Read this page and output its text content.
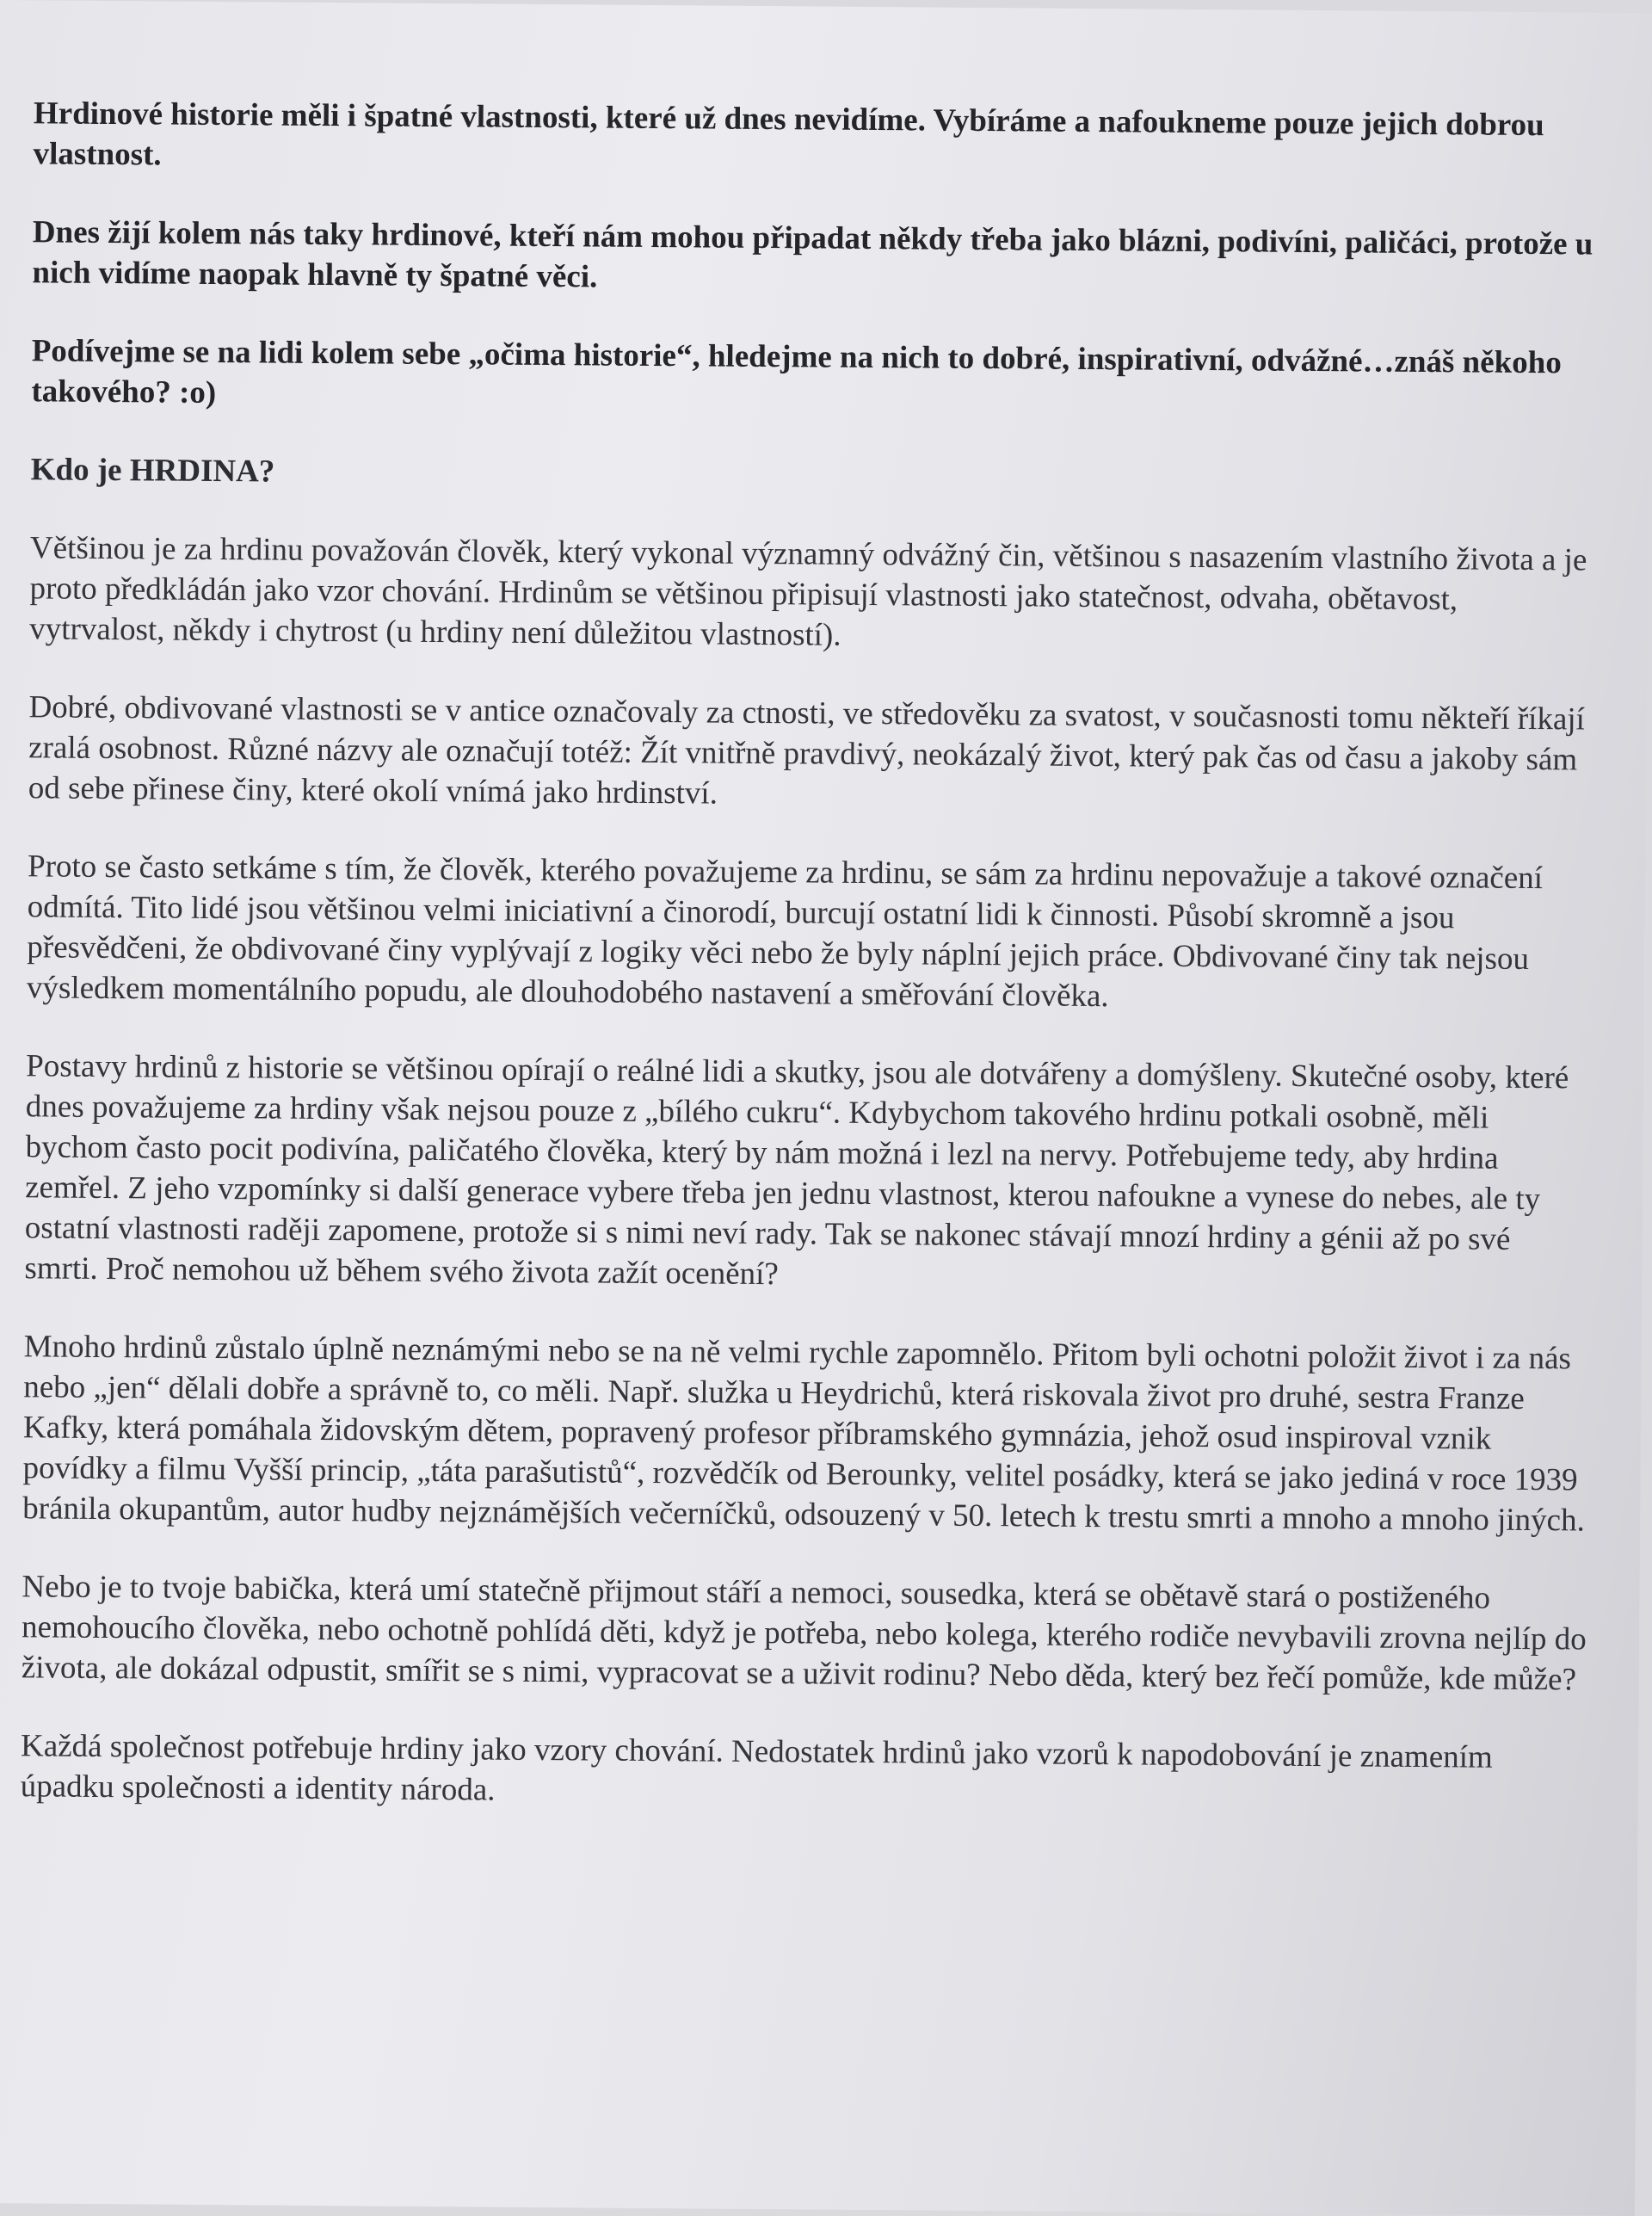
Hrdinové historie měli i špatné vlastnosti, které už dnes nevidíme. Vybíráme a nafoukneme pouze jejich dobrou vlastnost.

Dnes žijí kolem nás taky hrdinové, kteří nám mohou připadat někdy třeba jako blázni, podivíni, paličáci, protože u nich vidíme naopak hlavně ty špatné věci.

Podívejme se na lidi kolem sebe „očima historie“, hledejme na nich to dobré, inspirativní, odvážné…znáš někoho takového? :o)

Kdo je HRDINA?

Většinou je za hrdinu považován člověk, který vykonal významný odvážný čin, většinou s nasazením vlastního života a je proto předkládán jako vzor chování. Hrdinům se většinou připisují vlastnosti jako statečnost, odvaha, obětavost, vytrvalost, někdy i chytrost (u hrdiny není důležitou vlastností).

Dobré, obdivované vlastnosti se v antice označovaly za ctnosti, ve středověku za svatost, v současnosti tomu někteří říkají zralá osobnost. Různé názvy ale označují totéž: Žít vnitřně pravdivý, neokázalý život, který pak čas od času a jakoby sám od sebe přinese činy, které okolí vnímá jako hrdinství.

Proto se často setkáme s tím, že člověk, kterého považujeme za hrdinu, se sám za hrdinu nepovažuje a takové označení odmítá. Tito lidé jsou většinou velmi iniciativní a činorodí, burcují ostatní lidi k činnosti. Působí skromně a jsou přesvědčeni, že obdivované činy vyplývají z logiky věci nebo že byly náplní jejich práce. Obdivované činy tak nejsou výsledkem momentálního popudu, ale dlouhodobého nastavení a směřování člověka.

Postavy hrdinů z historie se většinou opírají o reálné lidi a skutky, jsou ale dotvářeny a domýšleny. Skutečné osoby, které dnes považujeme za hrdiny však nejsou pouze z „bílého cukru“. Kdybychom takového hrdinu potkali osobně, měli bychom často pocit podivína, paličatého člověka, který by nám možná i lezl na nervy. Potřebujeme tedy, aby hrdina zemřel. Z jeho vzpomínky si další generace vybere třeba jen jednu vlastnost, kterou nafoukne a vynese do nebes, ale ty ostatní vlastnosti raději zapomene, protože si s nimi neví rady. Tak se nakonec stávají mnozí hrdiny a génii až po své smrti. Proč nemohou už během svého života zažít ocenění?

Mnoho hrdinů zůstalo úplně neznámými nebo se na ně velmi rychle zapomnělo. Přitom byli ochotni položit život i za nás nebo „jen“ dělali dobře a správně to, co měli. Např. služka u Heydrichů, která riskovala život pro druhé, sestra Franze Kafky, která pomáhala židovským dětem, popravený profesor příbramského gymnázia, jehož osud inspiroval vznik povídky a filmu Vyšší princip, „táta parašutistů“, rozvědčík od Berounky, velitel posádky, která se jako jediná v roce 1939 bránila okupantům, autor hudby nejznámějších večerníčků, odsouzený v 50. letech k trestu smrti a mnoho a mnoho jiných.

Nebo je to tvoje babička, která umí statečně přijmout stáří a nemoci, sousedka, která se obětavě stará o postiženého nemohoucího člověka, nebo ochotně pohlídá děti, když je potřeba, nebo kolega, kterého rodiče nevybavili zrovna nejlíp do života, ale dokázal odpustit, smířit se s nimi, vypracovat se a uživit rodinu? Nebo děda, který bez řečí pomůže, kde může?

Každá společnost potřebuje hrdiny jako vzory chování. Nedostatek hrdinů jako vzorů k napodobování je znamením úpadku společnosti a identity národa.
